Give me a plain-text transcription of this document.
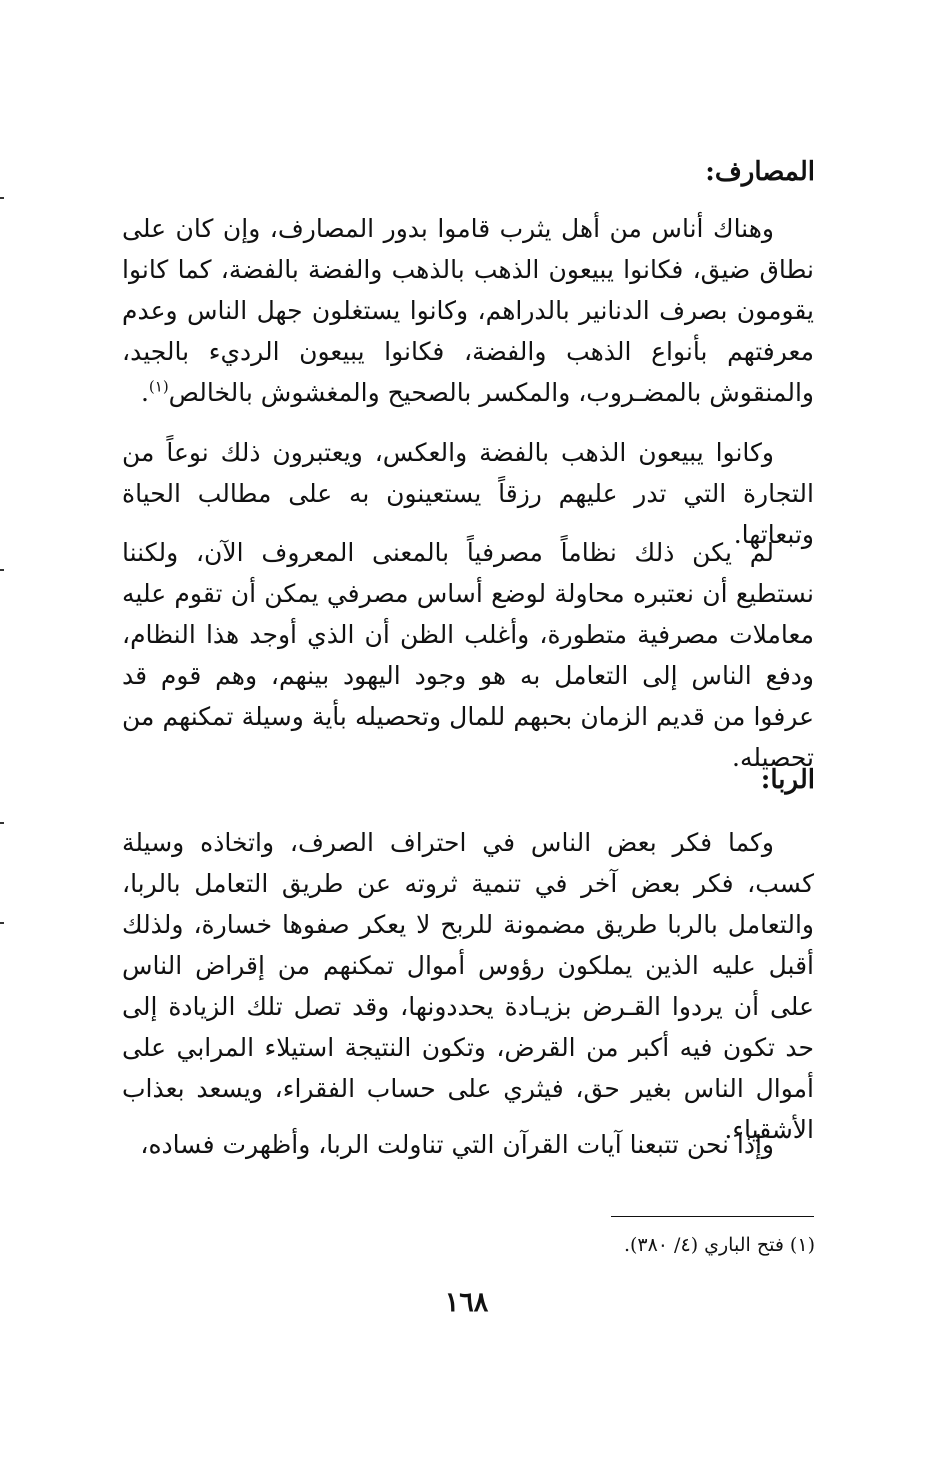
المصارف:

وهناك أناس من أهل يثرب قاموا بدور المصارف، وإن كان على نطاق ضيق، فكانوا يبيعون الذهب بالذهب والفضة بالفضة، كما كانوا يقومون بصرف الدنانير بالدراهم، وكانوا يستغلون جهل الناس وعدم معرفتهم بأنواع الذهب والفضة، فكانوا يبيعون الرديء بالجيد، والمنقوش بالمضـروب، والمكسر بالصحيح والمغشوش بالخالص$^{(١)}$.

وكانوا يبيعون الذهب بالفضة والعكس، ويعتبرون ذلك نوعاً من التجارة التي تدر عليهم رزقاً يستعينون به على مطالب الحياة وتبعاتها.

لم يكن ذلك نظاماً مصرفياً بالمعنى المعروف الآن، ولكننا نستطيع أن نعتبره محاولة لوضع أساس مصرفي يمكن أن تقوم عليه معاملات مصرفية متطورة، وأغلب الظن أن الذي أوجد هذا النظام، ودفع الناس إلى التعامل به هو وجود اليهود بينهم، وهم قوم قد عرفوا من قديم الزمان بحبهم للمال وتحصيله بأية وسيلة تمكنهم من تحصيله.

الربا:

وكما فكر بعض الناس في احتراف الصرف، واتخاذه وسيلة كسب، فكر بعض آخر في تنمية ثروته عن طريق التعامل بالربا، والتعامل بالربا طريق مضمونة للربح لا يعكر صفوها خسارة، ولذلك أقبل عليه الذين يملكون رؤوس أموال تمكنهم من إقراض الناس على أن يردوا القـرض بزيـادة يحددونها، وقد تصل تلك الزيادة إلى حد تكون فيه أكبر من القرض، وتكون النتيجة استيلاء المرابي على أموال الناس بغير حق، فيثري على حساب الفقراء، ويسعد بعذاب الأشقياء.

وإذا نحن تتبعنا آيات القرآن التي تناولت الربا، وأظهرت فساده،

(١) فتح الباري (٤/ ٣٨٠).
١٦٨
